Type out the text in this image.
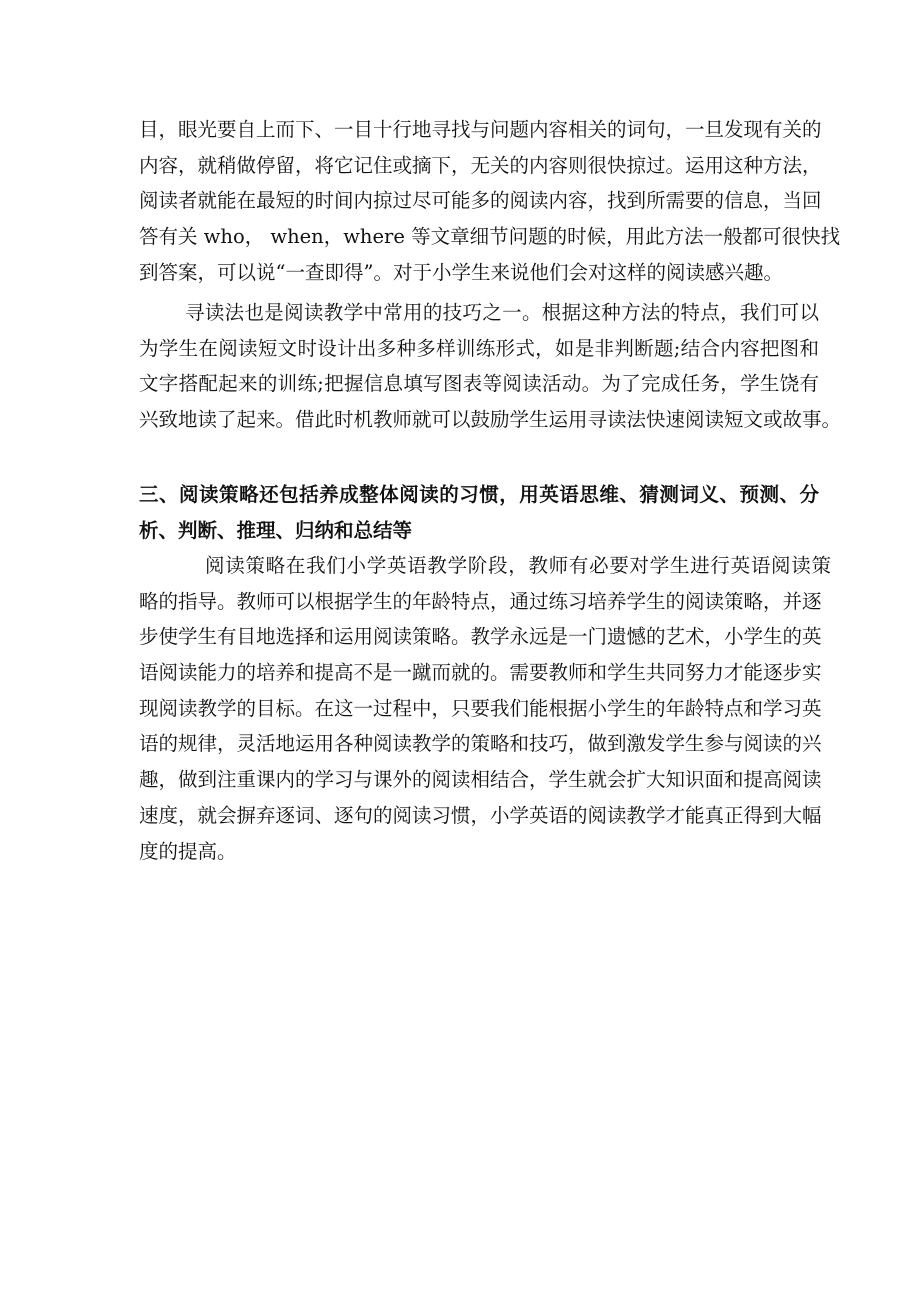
目，眼光要自上而下、一目十行地寻找与问题内容相关的词句，一旦发现有关的
内容，就稍做停留，将它记住或摘下，无关的内容则很快掠过。运用这种方法，
阅读者就能在最短的时间内掠过尽可能多的阅读内容，找到所需要的信息，当回
答有关 who， when，where 等文章细节问题的时候，用此方法一般都可很快找
到答案，可以说“一查即得”。对于小学生来说他们会对这样的阅读感兴趣。
寻读法也是阅读教学中常用的技巧之一。根据这种方法的特点，我们可以
为学生在阅读短文时设计出多种多样训练形式，如是非判断题;结合内容把图和
文字搭配起来的训练;把握信息填写图表等阅读活动。为了完成任务，学生饶有
兴致地读了起来。借此时机教师就可以鼓励学生运用寻读法快速阅读短文或故事。
三、阅读策略还包括养成整体阅读的习惯，用英语思维、猜测词义、预测、分
析、判断、推理、归纳和总结等
阅读策略在我们小学英语教学阶段，教师有必要对学生进行英语阅读策
略的指导。教师可以根据学生的年龄特点，通过练习培养学生的阅读策略，并逐
步使学生有目地选择和运用阅读策略。教学永远是一门遗憾的艺术，小学生的英
语阅读能力的培养和提高不是一蹴而就的。需要教师和学生共同努力才能逐步实
现阅读教学的目标。在这一过程中，只要我们能根据小学生的年龄特点和学习英
语的规律，灵活地运用各种阅读教学的策略和技巧，做到激发学生参与阅读的兴
趣，做到注重课内的学习与课外的阅读相结合，学生就会扩大知识面和提高阅读
速度，就会摒弃逐词、逐句的阅读习惯，小学英语的阅读教学才能真正得到大幅
度的提高。
